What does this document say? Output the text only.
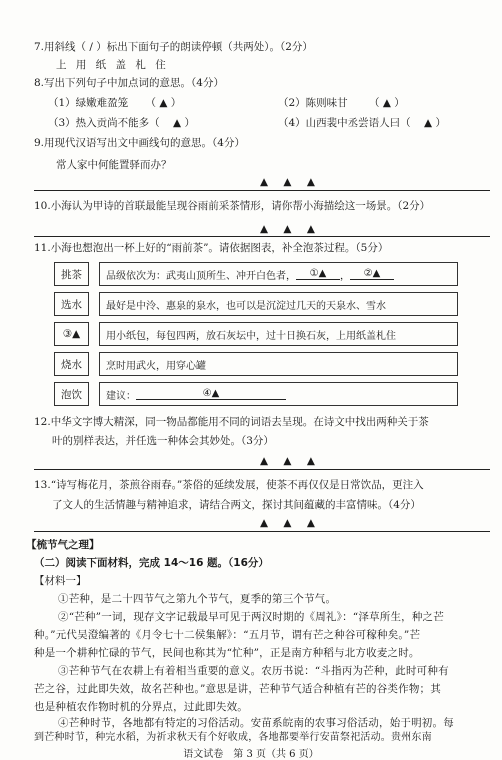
7.用斜线（ / ）标出下面句子的朗读停顿（共两处）。（2分）
上 用 纸 盖 札 住
8.写出下列句子中加点词的意思。（4分）
（1）绿嫩难盈笼 （ ▲ ）	（2）陈则味甘 （ ▲ ）
（3）热入贡尚不能多（ ▲ ）	（4）山西裴中丞尝语人曰（ ▲ ）
9.用现代汉语写出文中画线句的意思。（4分）
常人家中何能置驿而办？
▲ ▲ ▲
10.小海认为甲诗的首联最能呈现谷雨前采茶情形，请你帮小海描绘这一场景。（2分）
▲ ▲ ▲
11.小海也想泡出一杯上好的“雨前茶”。请依据图表，补全泡茶过程。（5分）
挑茶	品级依次为：武夷山顶所生、冲开白色者，	①▲	，	②▲
选水	最好是中泠、惠泉的泉水，也可以是沉淀过几天的天泉水、雪水
③▲	用小纸包，每包四两，放石灰坛中，过十日换石灰，上用纸盖札住
烧水	烹时用武火，用穿心罐
泡饮	建议：	④▲
12.中华文字博大精深，同一物品都能用不同的词语去呈现。在诗文中找出两种关于茶
叶的别样表达，并任选一种体会其妙处。（3分）
▲ ▲ ▲
13.“诗写梅花月，茶煎谷雨春。”茶俗的延续发展，使茶不再仅仅是日常饮品，更注入
了文人的生活情趣与精神追求，请结合两文，探讨其间蕴藏的丰富情味。（4分）
▲ ▲ ▲
【梳节气之理】
（二）阅读下面材料，完成 14～16 题。（16分）
【材料一】
①芒种，是二十四节气之第九个节气，夏季的第三个节气。
②“芒种”一词，现存文字记载最早可见于两汉时期的《周礼》：“泽草所生，种之芒
种。”元代吴澄编著的《月令七十二侯集解》：“五月节，谓有芒之种谷可稼种矣。”芒
种是一个耕种忙碌的节气，民间也称其为“忙种”，正是南方种稻与北方收麦之时。
③芒种节气在农耕上有着相当重要的意义。农历书说：“斗指丙为芒种，此时可种有
芒之谷，过此即失效，故名芒种也。”意思是讲，芒种节气适合种植有芒的谷类作物；其
也是种植农作物时机的分界点，过此即失效。
④芒种时节，各地都有特定的习俗活动。安苗系皖南的农事习俗活动，始于明初。每
到芒种时节，种完水稻，为祈求秋天有个好收成，各地都要举行安苗祭祀活动。贵州东南
语文试卷　第 3 页（共 6 页）
